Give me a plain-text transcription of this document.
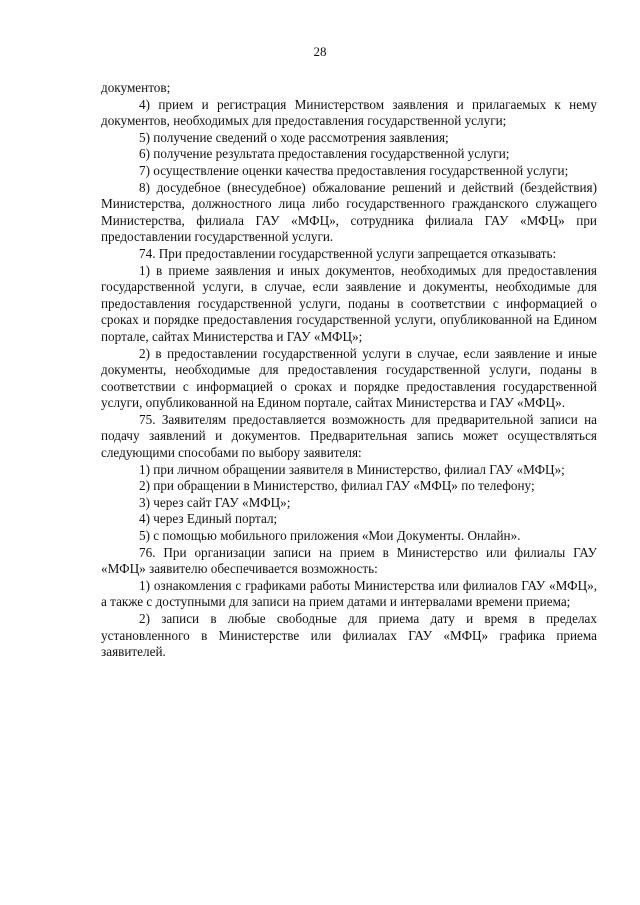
28

документов;

4) прием и регистрация Министерством заявления и прилагаемых к нему документов, необходимых для предоставления государственной услуги;

5) получение сведений о ходе рассмотрения заявления;

6) получение результата предоставления государственной услуги;

7) осуществление оценки качества предоставления государственной услуги;

8) досудебное (внесудебное) обжалование решений и действий (бездействия) Министерства, должностного лица либо государственного гражданского служащего Министерства, филиала ГАУ «МФЦ», сотрудника филиала ГАУ «МФЦ» при предоставлении государственной услуги.

74. При предоставлении государственной услуги запрещается отказывать:

1) в приеме заявления и иных документов, необходимых для предоставления государственной услуги, в случае, если заявление и документы, необходимые для предоставления государственной услуги, поданы в соответствии с информацией о сроках и порядке предоставления государственной услуги, опубликованной на Едином портале, сайтах Министерства и ГАУ «МФЦ»;

2) в предоставлении государственной услуги в случае, если заявление и иные документы, необходимые для предоставления государственной услуги, поданы в соответствии с информацией о сроках и порядке предоставления государственной услуги, опубликованной на Едином портале, сайтах Министерства и ГАУ «МФЦ».

75. Заявителям предоставляется возможность для предварительной записи на подачу заявлений и документов. Предварительная запись может осуществляться следующими способами по выбору заявителя:

1) при личном обращении заявителя в Министерство, филиал ГАУ «МФЦ»;

2) при обращении в Министерство, филиал ГАУ «МФЦ» по телефону;

3) через сайт ГАУ «МФЦ»;

4) через Единый портал;

5) с помощью мобильного приложения «Мои Документы. Онлайн».

76. При организации записи на прием в Министерство или филиалы ГАУ «МФЦ» заявителю обеспечивается возможность:

1) ознакомления с графиками работы Министерства или филиалов ГАУ «МФЦ», а также с доступными для записи на прием датами и интервалами времени приема;

2) записи в любые свободные для приема дату и время в пределах установленного в Министерстве или филиалах ГАУ «МФЦ» графика приема заявителей.
